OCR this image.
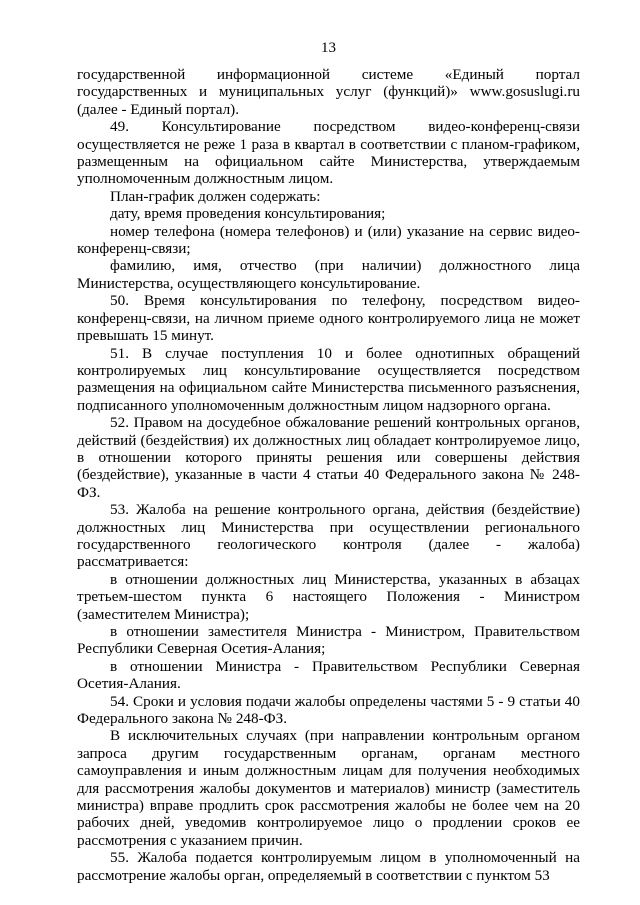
13

государственной информационной системе «Единый портал государственных и муниципальных услуг (функций)» www.gosuslugi.ru (далее - Единый портал).

49. Консультирование посредством видео-конференц-связи осуществляется не реже 1 раза в квартал в соответствии с планом-графиком, размещенным на официальном сайте Министерства, утверждаемым уполномоченным должностным лицом.

План-график должен содержать:

дату, время проведения консультирования;

номер телефона (номера телефонов) и (или) указание на сервис видео-конференц-связи;

фамилию, имя, отчество (при наличии) должностного лица Министерства, осуществляющего консультирование.

50. Время консультирования по телефону, посредством видео-конференц-связи, на личном приеме одного контролируемого лица не может превышать 15 минут.

51. В случае поступления 10 и более однотипных обращений контролируемых лиц консультирование осуществляется посредством размещения на официальном сайте Министерства письменного разъяснения, подписанного уполномоченным должностным лицом надзорного органа.

52. Правом на досудебное обжалование решений контрольных органов, действий (бездействия) их должностных лиц обладает контролируемое лицо, в отношении которого приняты решения или совершены действия (бездействие), указанные в части 4 статьи 40 Федерального закона № 248-ФЗ.

53. Жалоба на решение контрольного органа, действия (бездействие) должностных лиц Министерства при осуществлении регионального государственного геологического контроля (далее - жалоба) рассматривается:

в отношении должностных лиц Министерства, указанных в абзацах третьем-шестом пункта 6 настоящего Положения - Министром (заместителем Министра);

в отношении заместителя Министра - Министром, Правительством Республики Северная Осетия-Алания;

в отношении Министра - Правительством Республики Северная Осетия-Алания.

54. Сроки и условия подачи жалобы определены частями 5 - 9 статьи 40 Федерального закона № 248-ФЗ.

В исключительных случаях (при направлении контрольным органом запроса другим государственным органам, органам местного самоуправления и иным должностным лицам для получения необходимых для рассмотрения жалобы документов и материалов) министр (заместитель министра) вправе продлить срок рассмотрения жалобы не более чем на 20 рабочих дней, уведомив контролируемое лицо о продлении сроков ее рассмотрения с указанием причин.

55. Жалоба подается контролируемым лицом в уполномоченный на рассмотрение жалобы орган, определяемый в соответствии с пунктом 53
